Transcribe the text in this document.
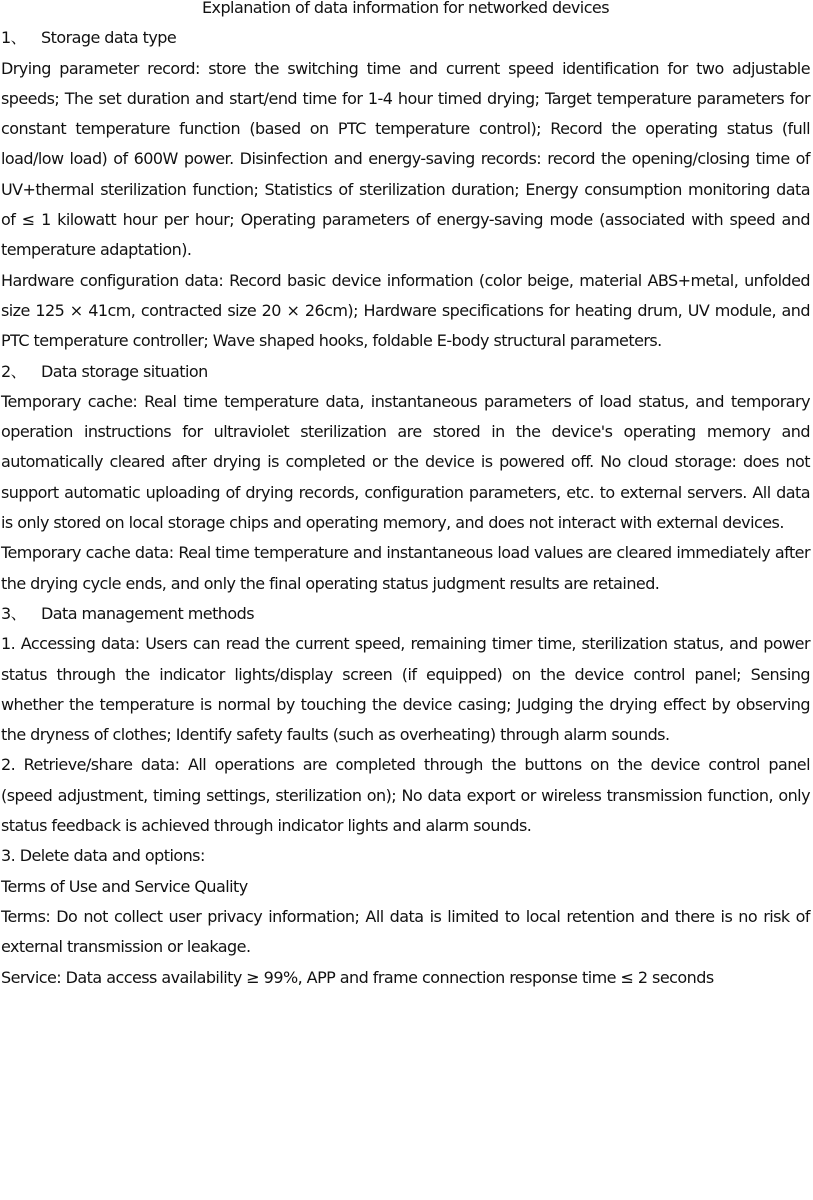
Explanation of data information for networked devices

1、 Storage data type

Drying parameter record: store the switching time and current speed identification for two adjustable speeds; The set duration and start/end time for 1-4 hour timed drying; Target temperature parameters for constant temperature function (based on PTC temperature control); Record the operating status (full load/low load) of 600W power. Disinfection and energy-saving records: record the opening/closing time of UV+thermal sterilization function; Statistics of sterilization duration; Energy consumption monitoring data of ≤ 1 kilowatt hour per hour; Operating parameters of energy-saving mode (associated with speed and temperature adaptation).

Hardware configuration data: Record basic device information (color beige, material ABS+metal, unfolded size 125 × 41cm, contracted size 20 × 26cm); Hardware specifications for heating drum, UV module, and PTC temperature controller; Wave shaped hooks, foldable E-body structural parameters.

2、 Data storage situation

Temporary cache: Real time temperature data, instantaneous parameters of load status, and temporary operation instructions for ultraviolet sterilization are stored in the device's operating memory and automatically cleared after drying is completed or the device is powered off. No cloud storage: does not support automatic uploading of drying records, configuration parameters, etc. to external servers. All data is only stored on local storage chips and operating memory, and does not interact with external devices.

Temporary cache data: Real time temperature and instantaneous load values are cleared immediately after the drying cycle ends, and only the final operating status judgment results are retained.

3、 Data management methods

1. Accessing data: Users can read the current speed, remaining timer time, sterilization status, and power status through the indicator lights/display screen (if equipped) on the device control panel; Sensing whether the temperature is normal by touching the device casing; Judging the drying effect by observing the dryness of clothes; Identify safety faults (such as overheating) through alarm sounds.

2. Retrieve/share data: All operations are completed through the buttons on the device control panel (speed adjustment, timing settings, sterilization on); No data export or wireless transmission function, only status feedback is achieved through indicator lights and alarm sounds.

3. Delete data and options:

Terms of Use and Service Quality

Terms: Do not collect user privacy information; All data is limited to local retention and there is no risk of external transmission or leakage.

Service: Data access availability ≥ 99%, APP and frame connection response time ≤ 2 seconds
